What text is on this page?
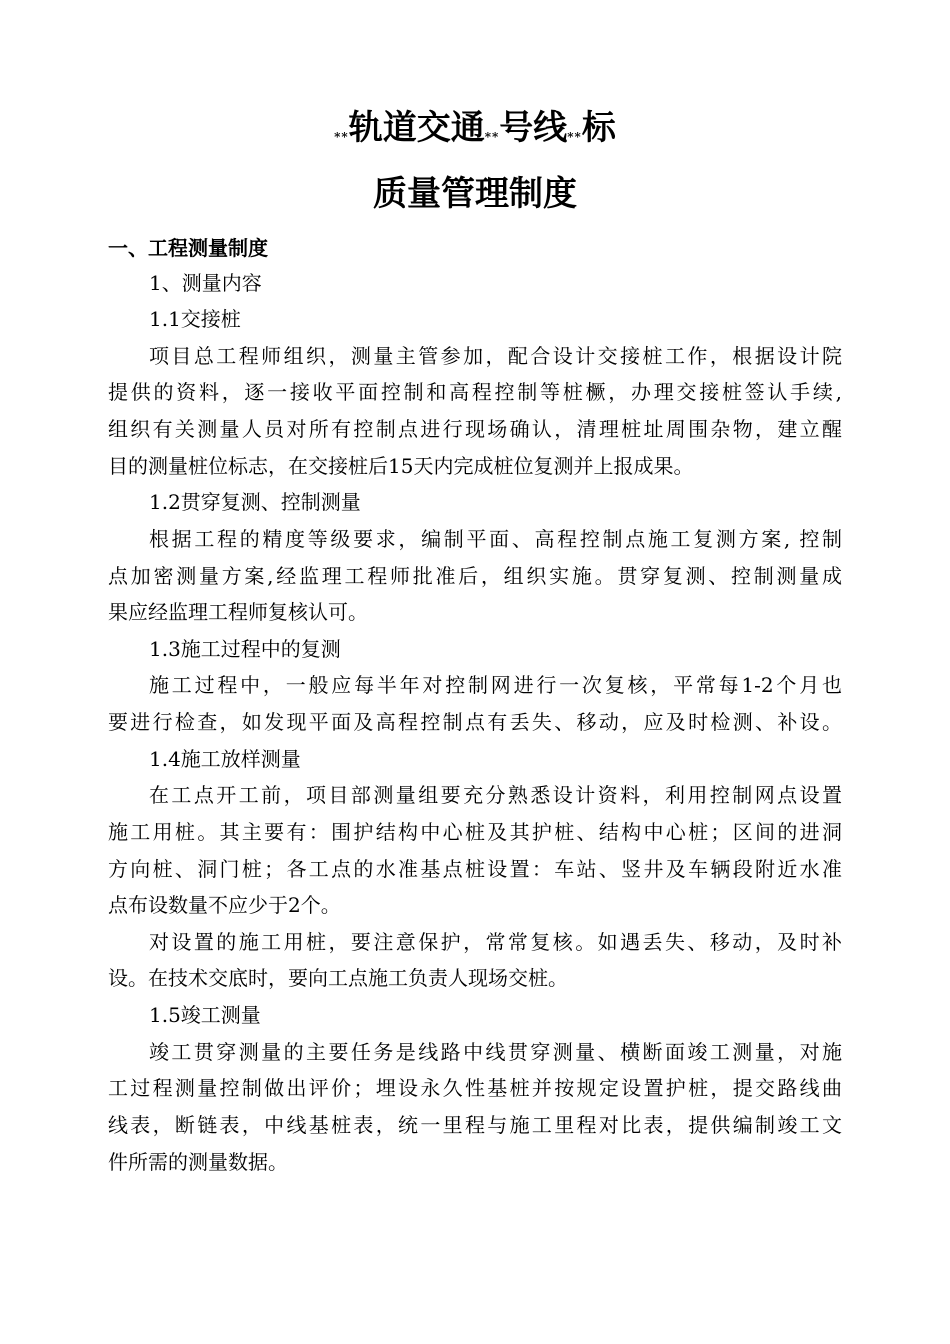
**轨道交通**号线**标
质量管理制度
一、工程测量制度
1、测量内容
1.1交接桩
项目总工程师组织，测量主管参加，配合设计交接桩工作，根据设计院
提供的资料，逐一接收平面控制和高程控制等桩橛，办理交接桩签认手续,
组织有关测量人员对所有控制点进行现场确认，清理桩址周围杂物，建立醒
目的测量桩位标志，在交接桩后15天内完成桩位复测并上报成果。
1.2贯穿复测、控制测量
根据工程的精度等级要求，编制平面、高程控制点施工复测方案, 控制
点加密测量方案,经监理工程师批准后，组织实施。贯穿复测、控制测量成
果应经监理工程师复核认可。
1.3施工过程中的复测
施工过程中，一般应每半年对控制网进行一次复核，平常每1-2个月也
要进行检查，如发现平面及高程控制点有丢失、移动，应及时检测、补设。
1.4施工放样测量
在工点开工前，项目部测量组要充分熟悉设计资料，利用控制网点设置
施工用桩。其主要有：围护结构中心桩及其护桩、结构中心桩；区间的进洞
方向桩、洞门桩；各工点的水准基点桩设置：车站、竖井及车辆段附近水准
点布设数量不应少于2个。
对设置的施工用桩，要注意保护，常常复核。如遇丢失、移动，及时补
设。在技术交底时，要向工点施工负责人现场交桩。
1.5竣工测量
竣工贯穿测量的主要任务是线路中线贯穿测量、横断面竣工测量，对施
工过程测量控制做出评价；埋设永久性基桩并按规定设置护桩，提交路线曲
线表，断链表，中线基桩表，统一里程与施工里程对比表，提供编制竣工文
件所需的测量数据。
